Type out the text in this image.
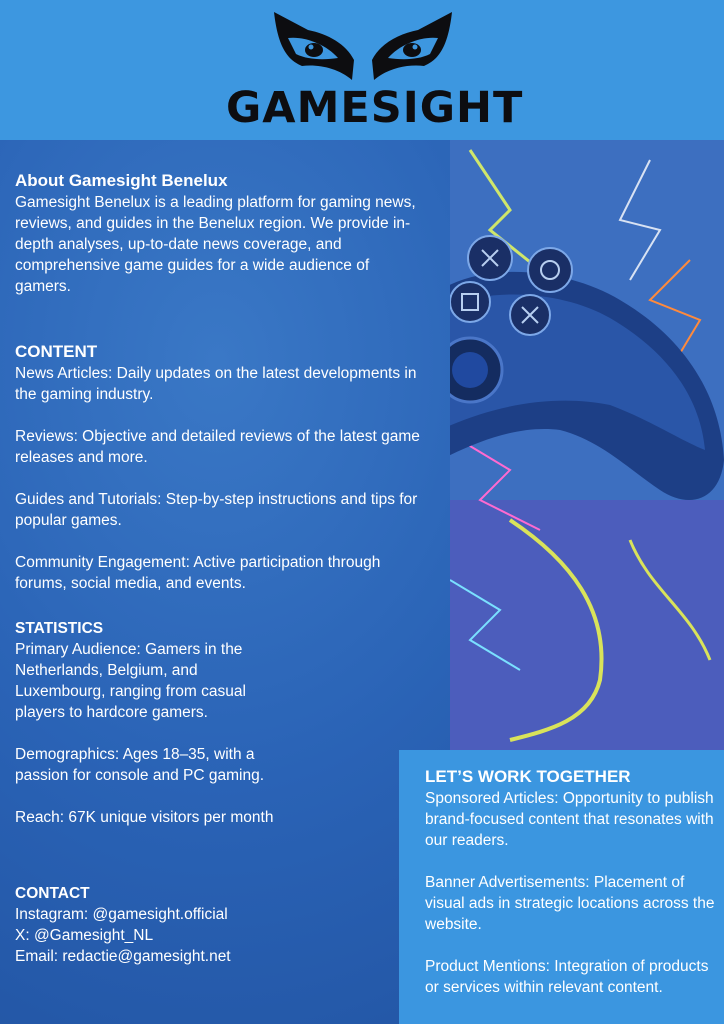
GAMESIGHT
About Gamesight Benelux

Gamesight Benelux is a leading platform for gaming news, reviews, and guides in the Benelux region. We provide in-depth analyses, up-to-date news coverage, and comprehensive game guides for a wide audience of gamers.

CONTENT

News Articles: Daily updates on the latest developments in the gaming industry.

Reviews: Objective and detailed reviews of the latest game releases and more.

Guides and Tutorials: Step-by-step instructions and tips for popular games.

Community Engagement: Active participation through forums, social media, and events.

STATISTICS

Primary Audience: Gamers in the Netherlands, Belgium, and Luxembourg, ranging from casual players to hardcore gamers.

Demographics: Ages 18–35, with a passion for console and PC gaming.

Reach: 67K unique visitors per month

CONTACT

Instagram: @gamesight.official

X: @Gamesight_NL

Email: redactie@gamesight.net

LET’S WORK TOGETHER

Sponsored Articles: Opportunity to publish brand-focused content that resonates with our readers.

Banner Advertisements: Placement of visual ads in strategic locations across the website.

Product Mentions: Integration of products or services within relevant content.
